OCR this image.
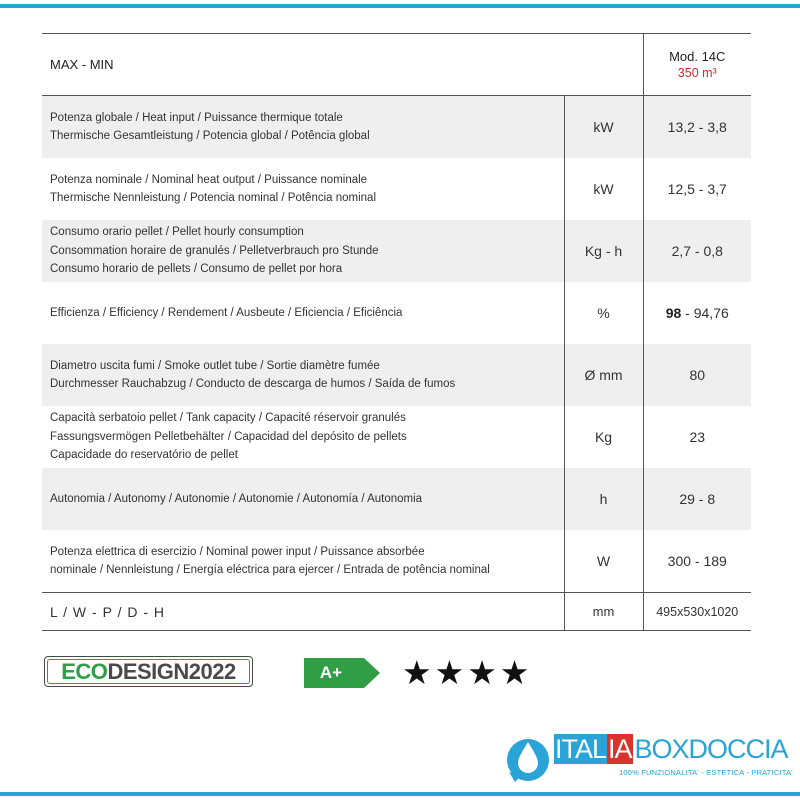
MAX - MIN		Mod. 14C
350 m³

Potenza globale / Heat input / Puissance thermique totale
Thermische Gesamtleistung / Potencia global / Potência global	kW	13,2 - 3,8

Potenza nominale / Nominal heat output / Puissance nominale
Thermische Nennleistung / Potencia nominal / Potência nominal	kW	12,5 - 3,7

Consumo orario pellet / Pellet hourly consumption
Consommation horaire de granulés / Pelletverbrauch pro Stunde
Consumo horario de pellets / Consumo de pellet por hora	Kg - h	2,7 - 0,8

Efficienza / Efficiency / Rendement / Ausbeute / Eficiencia / Eficiência	%	98 - 94,76

Diametro uscita fumi / Smoke outlet tube / Sortie diamètre fumée
Durchmesser Rauchabzug / Conducto de descarga de humos / Saída de fumos	Ø mm	80

Capacità serbatoio pellet / Tank capacity / Capacité réservoir granulés
Fassungsvermögen Pelletbehälter / Capacidad del depósito de pellets
Capacidade do reservatório de pellet	Kg	23

Autonomia / Autonomy / Autonomie / Autonomie / Autonomía / Autonomia	h	29 - 8

Potenza elettrica di esercizio / Nominal power input / Puissance absorbée
nominale / Nennleistung / Energía eléctrica para ejercer / Entrada de potência nominal	W	300 - 189
L / W - P / D - H	mm	495x530x1020
ECO DESIGN2022	A+	★ ★ ★ ★
ITALIA BOXDOCCIA
100% FUNZIONALITA' - ESTETICA - PRATICITA'
